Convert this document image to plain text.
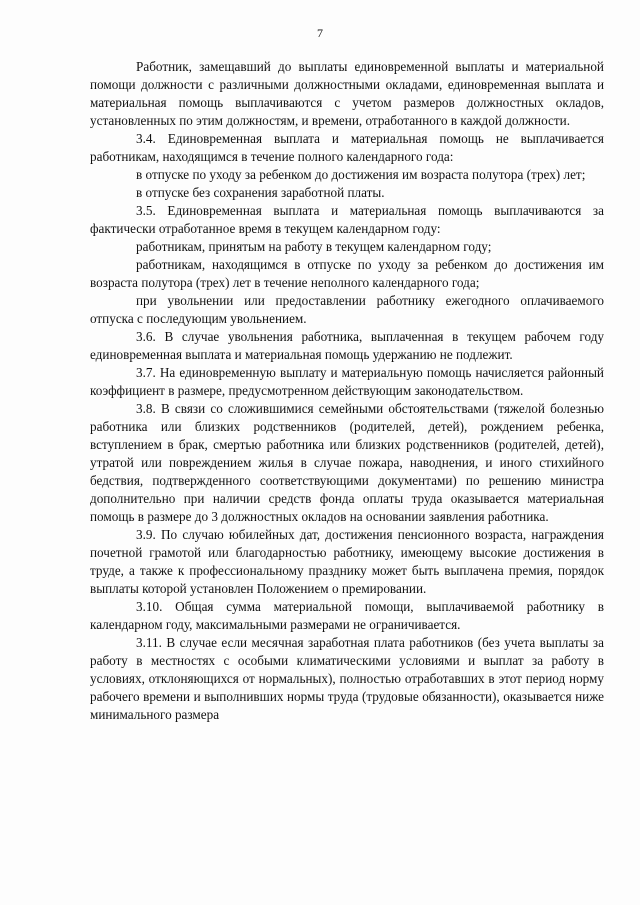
7

Работник, замещавший до выплаты единовременной выплаты и материальной помощи должности с различными должностными окладами, единовременная выплата и материальная помощь выплачиваются с учетом размеров должностных окладов, установленных по этим должностям, и времени, отработанного в каждой должности.

3.4. Единовременная выплата и материальная помощь не выплачивается работникам, находящимся в течение полного календарного года:

в отпуске по уходу за ребенком до достижения им возраста полутора (трех) лет;

в отпуске без сохранения заработной платы.

3.5. Единовременная выплата и материальная помощь выплачиваются за фактически отработанное время в текущем календарном году:

работникам, принятым на работу в текущем календарном году;

работникам, находящимся в отпуске по уходу за ребенком до достижения им возраста полутора (трех) лет в течение неполного календарного года;

при увольнении или предоставлении работнику ежегодного оплачиваемого отпуска с последующим увольнением.

3.6. В случае увольнения работника, выплаченная в текущем рабочем году единовременная выплата и материальная помощь удержанию не подлежит.

3.7. На единовременную выплату и материальную помощь начисляется районный коэффициент в размере, предусмотренном действующим законодательством.

3.8. В связи со сложившимися семейными обстоятельствами (тяжелой болезнью работника или близких родственников (родителей, детей), рождением ребенка, вступлением в брак, смертью работника или близких родственников (родителей, детей), утратой или повреждением жилья в случае пожара, наводнения, и иного стихийного бедствия, подтвержденного соответствующими документами) по решению министра дополнительно при наличии средств фонда оплаты труда оказывается материальная помощь в размере до 3 должностных окладов на основании заявления работника.

3.9. По случаю юбилейных дат, достижения пенсионного возраста, награждения почетной грамотой или благодарностью работнику, имеющему высокие достижения в труде, а также к профессиональному празднику может быть выплачена премия, порядок выплаты которой установлен Положением о премировании.

3.10. Общая сумма материальной помощи, выплачиваемой работнику в календарном году, максимальными размерами не ограничивается.

3.11. В случае если месячная заработная плата работников (без учета выплаты за работу в местностях с особыми климатическими условиями и выплат за работу в условиях, отклоняющихся от нормальных), полностью отработавших в этот период норму рабочего времени и выполнивших нормы труда (трудовые обязанности), оказывается ниже минимального размера
